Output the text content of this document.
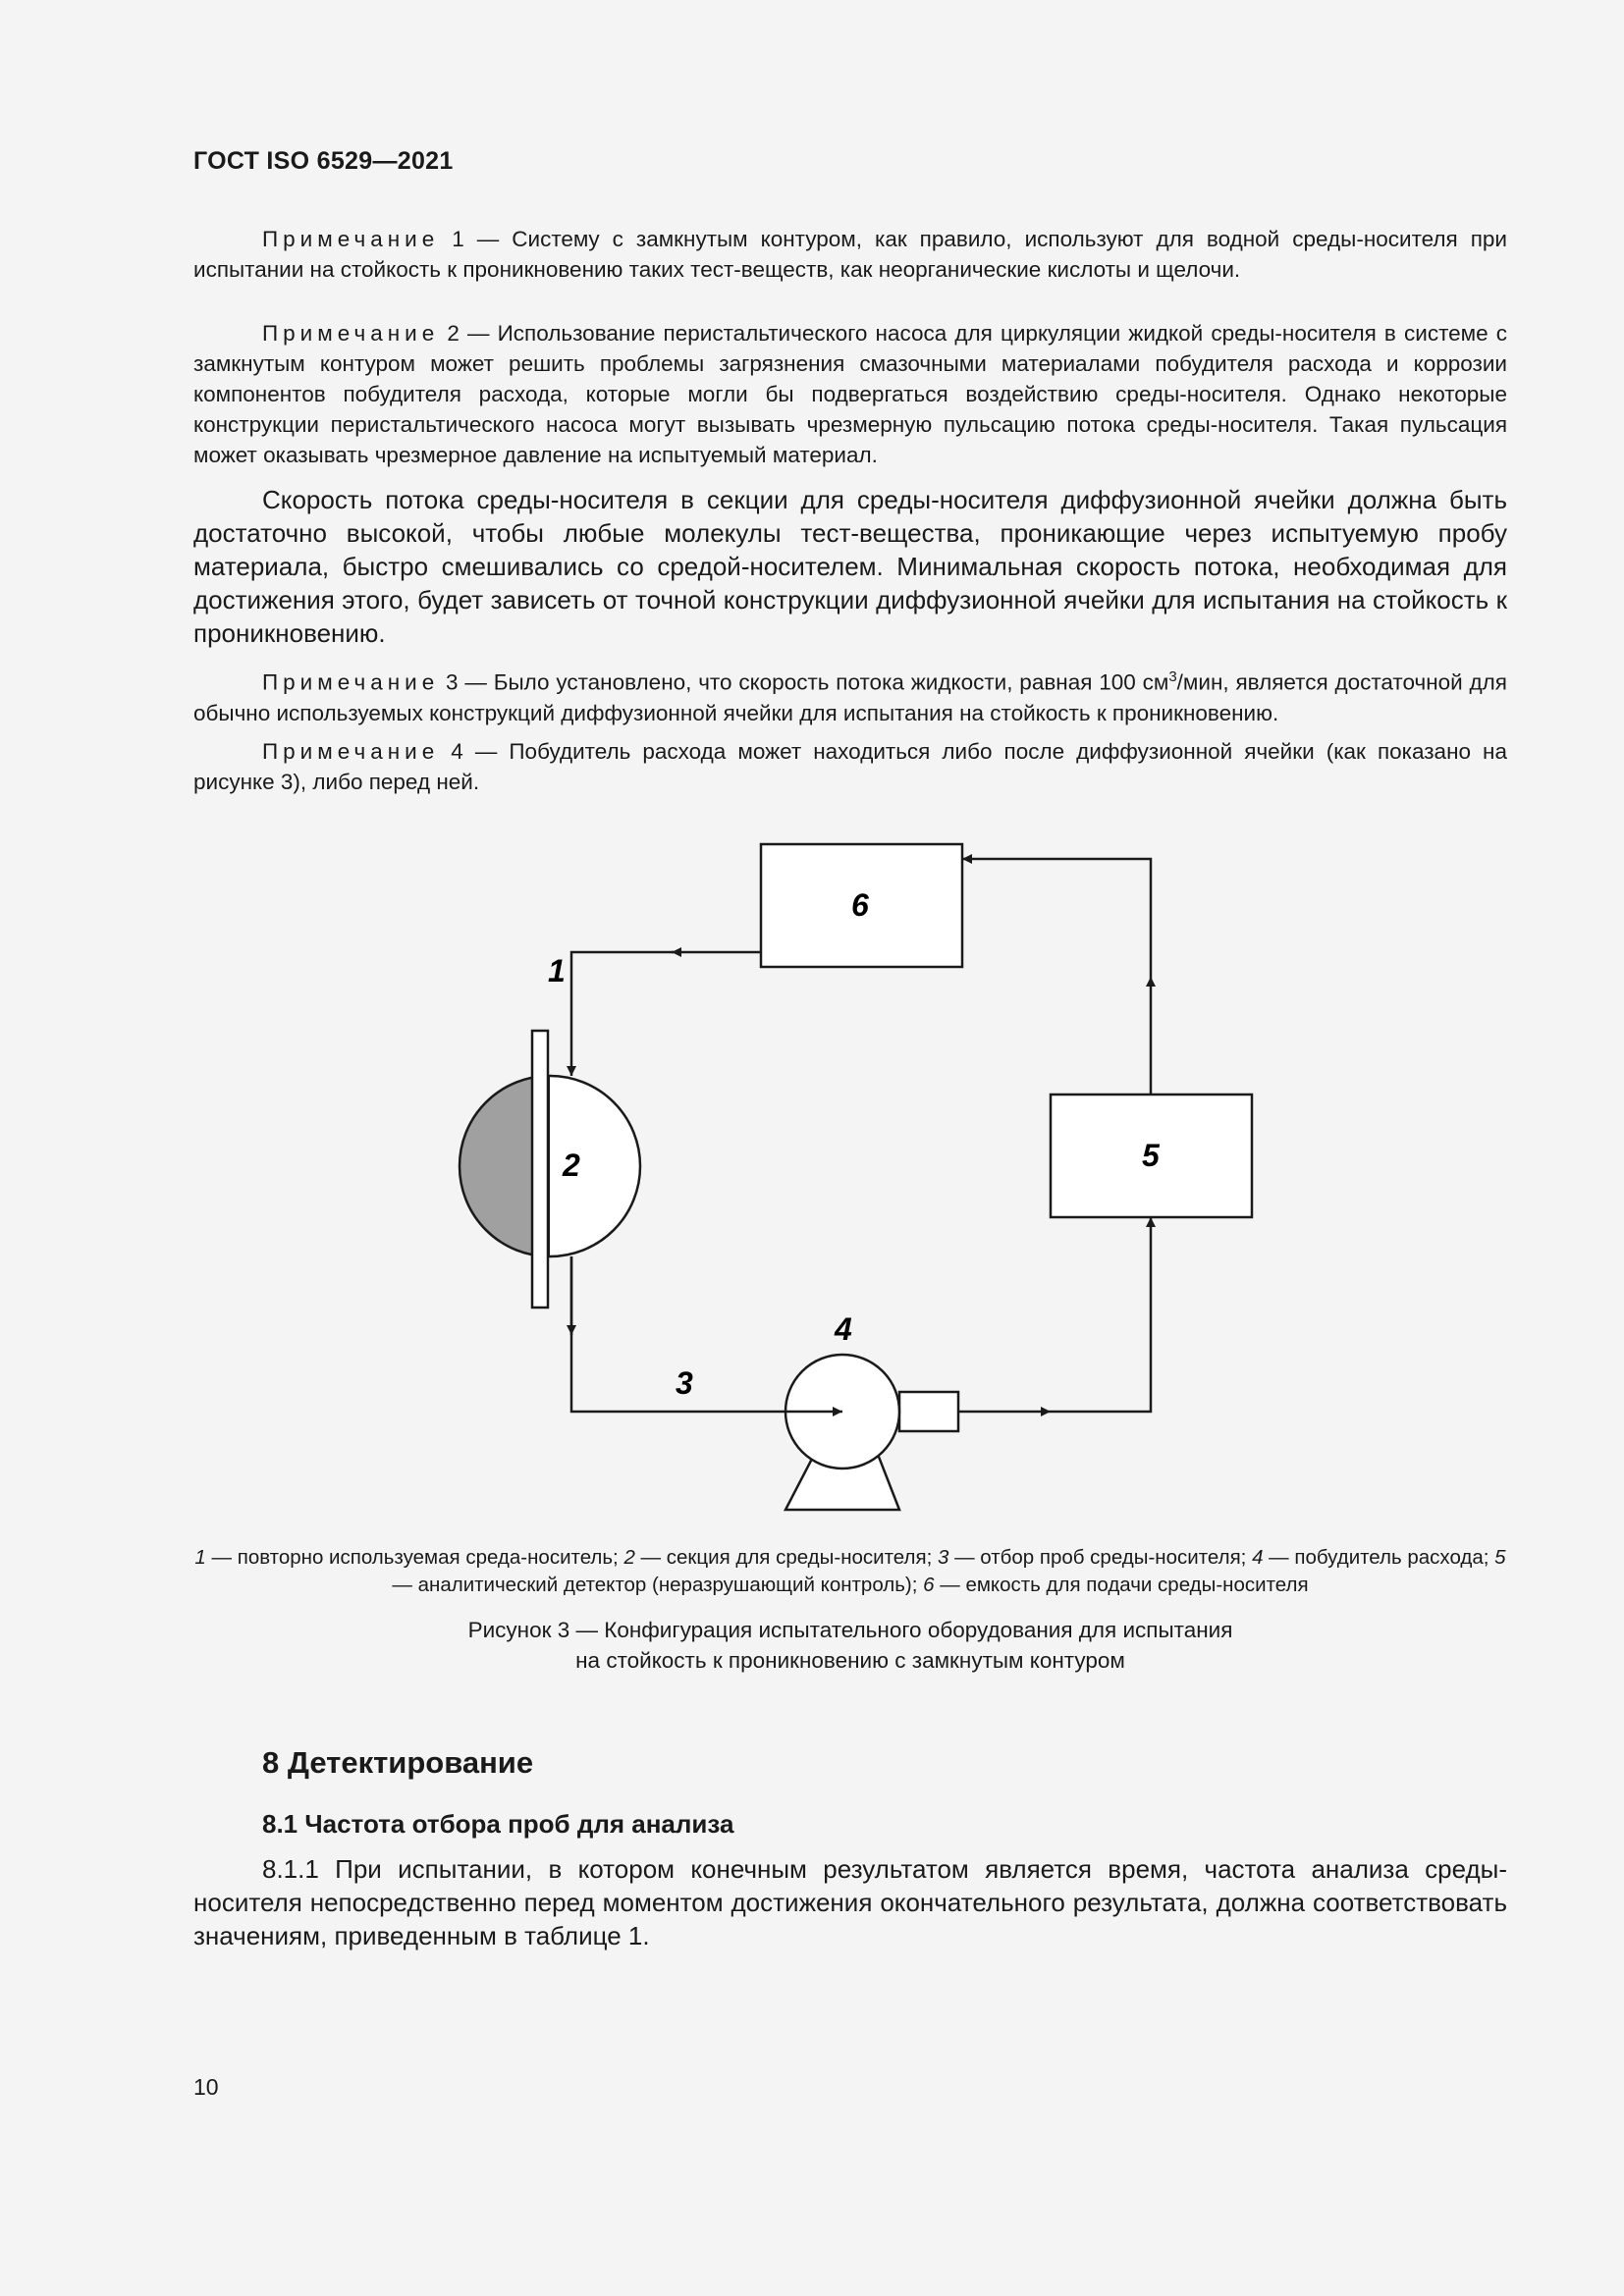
ГОСТ ISO 6529—2021

Примечание 1 — Системy с замкнутым контуром, как правило, используют для водной среды-носителя при испытании на стойкость к проникновению таких тест-веществ, как неорганические кислоты и щелочи.

Примечание 2 — Использование перистальтического насоса для циркуляции жидкой среды-носителя в системе с замкнутым контуром может решить проблемы загрязнения смазочными материалами побудителя расхода и коррозии компонентов побудителя расхода, которые могли бы подвергаться воздействию среды-носителя. Однако некоторые конструкции перистальтического насоса могут вызывать чрезмерную пульсацию потока среды-носителя. Такая пульсация может оказывать чрезмерное давление на испытуемый материал.

Скорость потока среды-носителя в секции для среды-носителя диффузионной ячейки должна быть достаточно высокой, чтобы любые молекулы тест-вещества, проникающие через испытуемую пробу материала, быстро смешивались со средой-носителем. Минимальная скорость потока, необходимая для достижения этого, будет зависеть от точной конструкции диффузионной ячейки для испытания на стойкость к проникновению.

Примечание 3 — Было установлено, что скорость потока жидкости, равная 100 $см^3$/мин, является достаточной для обычно используемых конструкций диффузионной ячейки для испытания на стойкость к проникновению.

Примечание 4 — Побудитель расхода может находиться либо после диффузионной ячейки (как показано на рисунке 3), либо перед ней.

1
2
3
4
5
6

1 — повторно используемая среда-носитель; 2 — секция для среды-носителя; 3 — отбор проб среды-носителя; 4 — побудитель расхода; 5 — аналитический детектор (неразрушающий контроль); 6 — емкость для подачи среды-носителя

Рисунок 3 — Конфигурация испытательного оборудования для испытания

на стойкость к проникновению с замкнутым контуром

8 Детектирование
8.1 Частота отбора проб для анализа

8.1.1 При испытании, в котором конечным результатом является время, частота анализа среды-носителя непосредственно перед моментом достижения окончательного результата, должна соответствовать значениям, приведенным в таблице 1.

10
